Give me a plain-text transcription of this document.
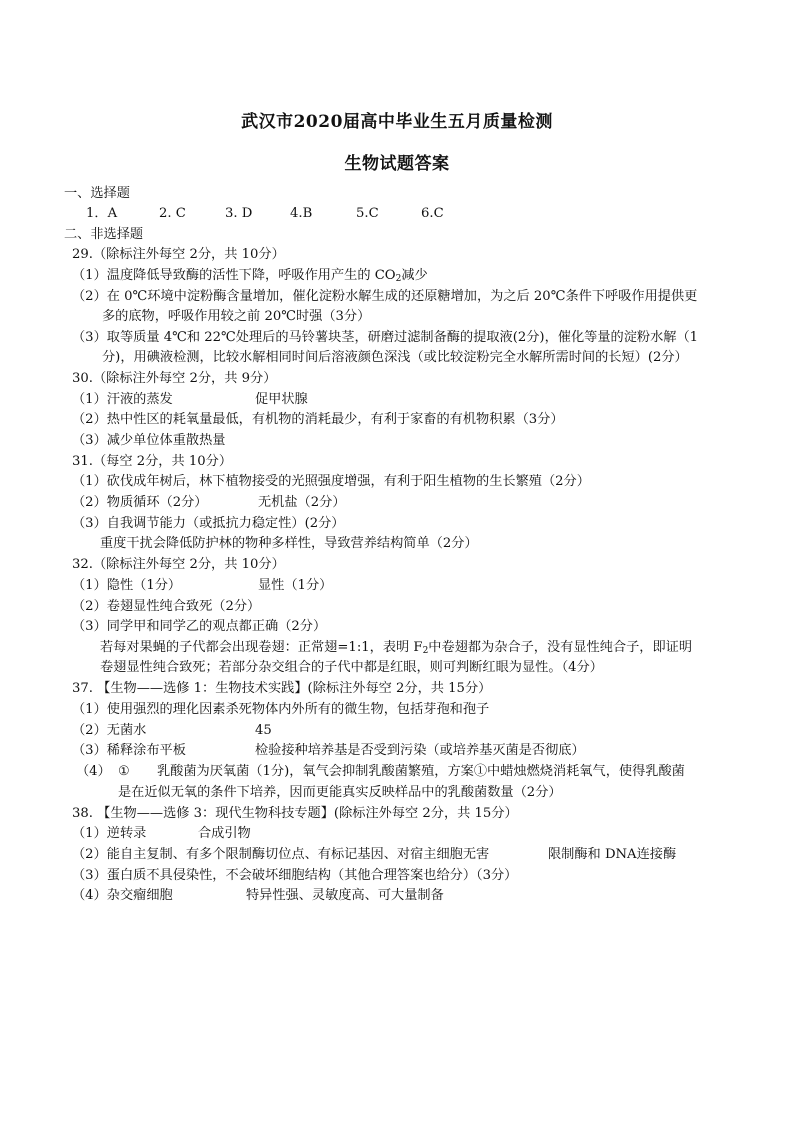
武汉市2020届高中毕业生五月质量检测
生物试题答案
一、选择题
1．A	2. C	3. D	4.B	5.C	6.C
二、非选择题
29.（除标注外每空 2分，共 10分）
（1）温度降低导致酶的活性下降，呼吸作用产生的 $CO_2$减少
（2）在 0℃环境中淀粉酶含量增加，催化淀粉水解生成的还原糖增加，为之后 20℃条件下呼吸作用提供更
多的底物，呼吸作用较之前 20℃时强（3分）
（3）取等质量 4℃和 22℃处理后的马铃薯块茎，研磨过滤制备酶的提取液(2分)，催化等量的淀粉水解（1
分)，用碘液检测，比较水解相同时间后溶液颜色深浅（或比较淀粉完全水解所需时间的长短）(2分）
30.（除标注外每空 2分，共 9分）
（1）汗液的蒸发	促甲状腺
（2）热中性区的耗氧量最低，有机物的消耗最少，有利于家畜的有机物积累（3分）
（3）减少单位体重散热量
31.（每空 2分，共 10分）
（1）砍伐成年树后，林下植物接受的光照强度增强，有利于阳生植物的生长繁殖（2分）
（2）物质循环（2分）	无机盐（2分）
（3）自我调节能力（或抵抗力稳定性）(2分）
重度干扰会降低防护林的物种多样性，导致营养结构简单（2分）
32.（除标注外每空 2分，共 10分）
（1）隐性（1分）	显性（1分）
（2）卷翅显性纯合致死（2分）
（3）同学甲和同学乙的观点都正确（2分）
若每对果蝇的子代都会出现卷翅：正常翅=1:1，表明 $F_2$中卷翅都为杂合子，没有显性纯合子，即证明
卷翅显性纯合致死；若部分杂交组合的子代中都是红眼，则可判断红眼为显性。（4分）
37. 【生物——选修 1：生物技术实践】(除标注外每空 2分，共 15分）
（1）使用强烈的理化因素杀死物体内外所有的微生物，包括芽孢和孢子
（2）无菌水	45
（3）稀释涂布平板	检验接种培养基是否受到污染（或培养基灭菌是否彻底）
（4） ① 乳酸菌为厌氧菌（1分)，氧气会抑制乳酸菌繁殖，方案①中蜡烛燃烧消耗氧气，使得乳酸菌
是在近似无氧的条件下培养，因而更能真实反映样品中的乳酸菌数量（2分）
38. 【生物——选修 3：现代生物科技专题】(除标注外每空 2分，共 15分）
（1）逆转录	合成引物
（2）能自主复制、有多个限制酶切位点、有标记基因、对宿主细胞无害	限制酶和 DNA连接酶
（3）蛋白质不具侵染性，不会破坏细胞结构（其他合理答案也给分）（3分）
（4）杂交瘤细胞	特异性强、灵敏度高、可大量制备
